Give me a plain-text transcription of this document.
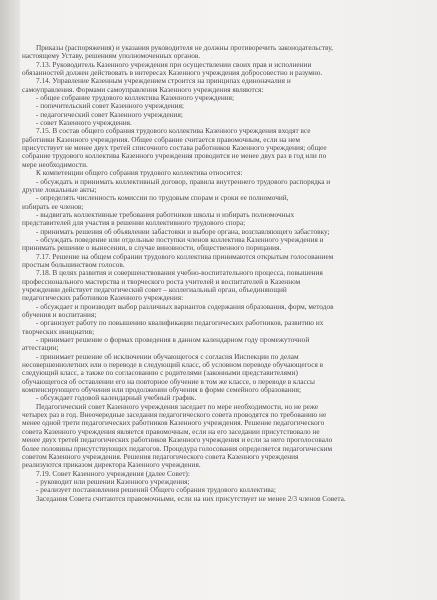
Приказы (распоряжения) и указания руководителя не должны противоречить законодательству,

настоящему Уставу, решениям уполномоченных органов.

7.13. Руководитель Казенного учреждения при осуществлении своих прав и исполнении

обязанностей должен действовать в интересах Казенного учреждения добросовестно и разумно.

7.14. Управление Казенным учреждением строится на принципах единоначалия и

самоуправления. Формами самоуправления Казенного учреждения являются:

- общее собрание трудового коллектива Казенного учреждения;

- попечительский совет Казенного учреждения;

- педагогический совет Казенного учреждения;

- совет Казенного учреждения.

7.15. В состав общего собрания трудового коллектива Казенного учреждения входят все

работники Казенного учреждения. Общее собрание считается правомочным, если на нем

присутствует не менее двух третей списочного состава работников Казенного учреждения; общее

собрание трудового коллектива Казенного учреждения проводится не менее двух раз в год или по

мере необходимости.

К компетенции общего собрания трудового коллектива относится:

- обсуждать и принимать коллективный договор, правила внутреннего трудового распорядка и

другие локальные акты;

- определять численность комиссии по трудовым спорам и сроки ее полномочий,

избирать ее членов;

- выдвигать коллективные требования работников школы и избирать полномочных

представителей для участия в решении коллективного трудового спора;

- принимать решения об объявлении забастовки и выборе органа, возглавляющего забастовку;

- обсуждать поведение или отдельные поступки членов коллектива Казенного учреждения и

принимать решение о вынесении, в случае виновности, общественного порицания.

7.17. Решение на общем собрании трудового коллектива принимаются открытым голосованием

простым большинством голосов.

7.18. В целях развития и совершенствования учебно-воспитательного процесса, повышения

профессионального мастерства и творческого роста учителей и воспитателей в Казенном

учреждении действует педагогический совет – коллегиальный орган, объединяющий

педагогических работников Казенного учреждения:

- обсуждает и производит выбор различных вариантов содержания образования, форм, методов

обучения и воспитания;

- организует работу по повышению квалификации педагогических работников, развитию их

творческих инициатив;

- принимает решение о формах проведения в данном календарном году промежуточной

аттестации;

- принимает решение об исключении обучающегося с согласия Инспекции по делам

несовершеннолетних или о переводе в следующий класс, об условном переводе обучающегося в

следующий класс, а также по согласованию с родителями (законными представителями)

обучающегося об оставлении его на повторное обучение в том же классе, о переводе в классы

компенсирующего обучения или продолжении обучения в форме семейного образования;

- обсуждает годовой календарный учебный график.

Педагогический совет Казенного учреждения заседает по мере необходимости, но не реже

четырех раз в год. Внеочередные заседания педагогического совета проводятся по требованию не

менее одной трети педагогических работников Казенного учреждения. Решение педагогического

совета Казенного учреждения является правомочным, если на его заседании присутствовало не

менее двух третей педагогических работников Казенного учреждения и если за него проголосовало

более половины присутствующих педагогов. Процедура голосования определяется педагогическим

советом Казенного учреждения. Решения педагогического совета Казенного учреждения

реализуются приказом директора Казенного учреждения.

7.19. Совет Казенного учреждения (далее Совет):

- руководит или решении Казенного учреждения;

- реализует постановления решений Общего собрания трудового коллектива;

Заседания Совета считаются правомочными, если на них присутствует не менее 2/3 членов Совета.
